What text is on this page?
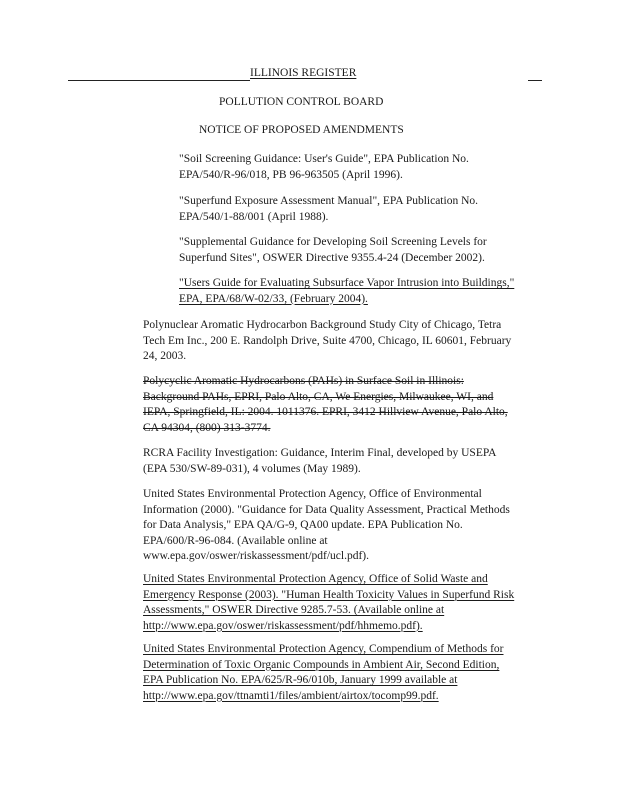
ILLINOIS REGISTER
POLLUTION CONTROL BOARD
NOTICE OF PROPOSED AMENDMENTS
"Soil Screening Guidance: User's Guide", EPA Publication No.
EPA/540/R-96/018, PB 96-963505 (April 1996).
"Superfund Exposure Assessment Manual", EPA Publication No.
EPA/540/1-88/001 (April 1988).
"Supplemental Guidance for Developing Soil Screening Levels for
Superfund Sites", OSWER Directive 9355.4-24 (December 2002).
"Users Guide for Evaluating Subsurface Vapor Intrusion into Buildings,"
EPA, EPA/68/W-02/33, (February 2004).
Polynuclear Aromatic Hydrocarbon Background Study City of Chicago, Tetra
Tech Em Inc., 200 E. Randolph Drive, Suite 4700, Chicago, IL 60601, February
24, 2003.
Polycyclic Aromatic Hydrocarbons (PAHs) in Surface Soil in Illinois:
Background PAHs, EPRI, Palo Alto, CA, We Energies, Milwaukee, WI, and
IEPA, Springfield, IL: 2004. 1011376. EPRI, 3412 Hillview Avenue, Palo Alto,
CA 94304, (800) 313-3774.
RCRA Facility Investigation: Guidance, Interim Final, developed by USEPA
(EPA 530/SW-89-031), 4 volumes (May 1989).
United States Environmental Protection Agency, Office of Environmental
Information (2000). "Guidance for Data Quality Assessment, Practical Methods
for Data Analysis," EPA QA/G-9, QA00 update. EPA Publication No.
EPA/600/R-96-084. (Available online at
www.epa.gov/oswer/riskassessment/pdf/ucl.pdf).
United States Environmental Protection Agency, Office of Solid Waste and
Emergency Response (2003). "Human Health Toxicity Values in Superfund Risk
Assessments," OSWER Directive 9285.7-53. (Available online at
http://www.epa.gov/oswer/riskassessment/pdf/hhmemo.pdf).
United States Environmental Protection Agency, Compendium of Methods for
Determination of Toxic Organic Compounds in Ambient Air, Second Edition,
EPA Publication No. EPA/625/R-96/010b, January 1999 available at
http://www.epa.gov/ttnamti1/files/ambient/airtox/tocomp99.pdf.
